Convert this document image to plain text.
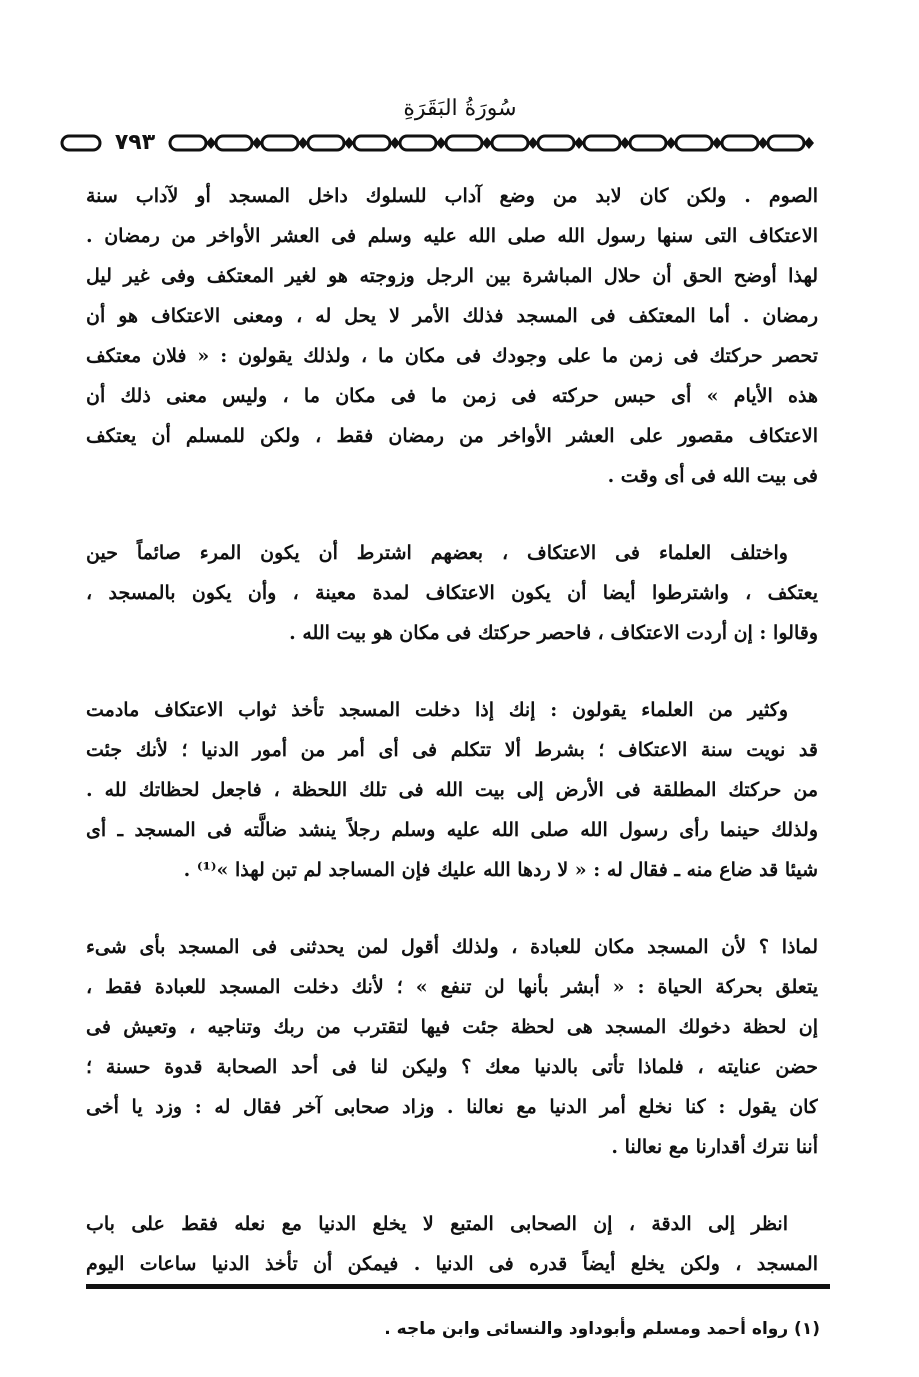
سُورَةُ البَقَرَةِ
٧٩٣
الصوم . ولكن كان لابد من وضع آداب للسلوك داخل المسجد أو لآداب سنة
الاعتكاف التى سنها رسول الله صلى الله عليه وسلم فى العشر الأواخر من رمضان .
لهذا أوضح الحق أن حلال المباشرة بين الرجل وزوجته هو لغير المعتكف وفى غير ليل
رمضان . أما المعتكف فى المسجد فذلك الأمر لا يحل له ، ومعنى الاعتكاف هو أن
تحصر حركتك فى زمن ما على وجودك فى مكان ما ، ولذلك يقولون : « فلان معتكف
هذه الأيام » أى حبس حركته فى زمن ما فى مكان ما ، وليس معنى ذلك أن
الاعتكاف مقصور على العشر الأواخر من رمضان فقط ، ولكن للمسلم أن يعتكف
فى بيت الله فى أى وقت .
واختلف العلماء فى الاعتكاف ، بعضهم اشترط أن يكون المرء صائماً حين
يعتكف ، واشترطوا أيضا أن يكون الاعتكاف لمدة معينة ، وأن يكون بالمسجد ،
وقالوا : إن أردت الاعتكاف ، فاحصر حركتك فى مكان هو بيت الله .
وكثير من العلماء يقولون : إنك إذا دخلت المسجد تأخذ ثواب الاعتكاف مادمت
قد نويت سنة الاعتكاف ؛ بشرط ألا تتكلم فى أى أمر من أمور الدنيا ؛ لأنك جئت
من حركتك المطلقة فى الأرض إلى بيت الله فى تلك اللحظة ، فاجعل لحظاتك لله .
ولذلك حينما رأى رسول الله صلى الله عليه وسلم رجلاً ينشد ضالَّته فى المسجد ـ أى
شيئا قد ضاع منه ـ فقال له : « لا ردها الله عليك فإن المساجد لم تبن لهذا »⁽¹⁾ .
لماذا ؟ لأن المسجد مكان للعبادة ، ولذلك أقول لمن يحدثنى فى المسجد بأى شىء
يتعلق بحركة الحياة : « أبشر بأنها لن تنفع » ؛ لأنك دخلت المسجد للعبادة فقط ،
إن لحظة دخولك المسجد هى لحظة جئت فيها لتقترب من ربك وتناجيه ، وتعيش فى
حضن عنايته ، فلماذا تأتى بالدنيا معك ؟ وليكن لنا فى أحد الصحابة قدوة حسنة ؛
كان يقول : كنا نخلع أمر الدنيا مع نعالنا . وزاد صحابى آخر فقال له : وزد يا أخى
أننا نترك أقدارنا مع نعالنا .
انظر إلى الدقة ، إن الصحابى المتبع لا يخلع الدنيا مع نعله فقط على باب
المسجد ، ولكن يخلع أيضاً قدره فى الدنيا . فيمكن أن تأخذ الدنيا ساعات اليوم
(١) رواه أحمد ومسلم وأبوداود والنسائى وابن ماجه .
